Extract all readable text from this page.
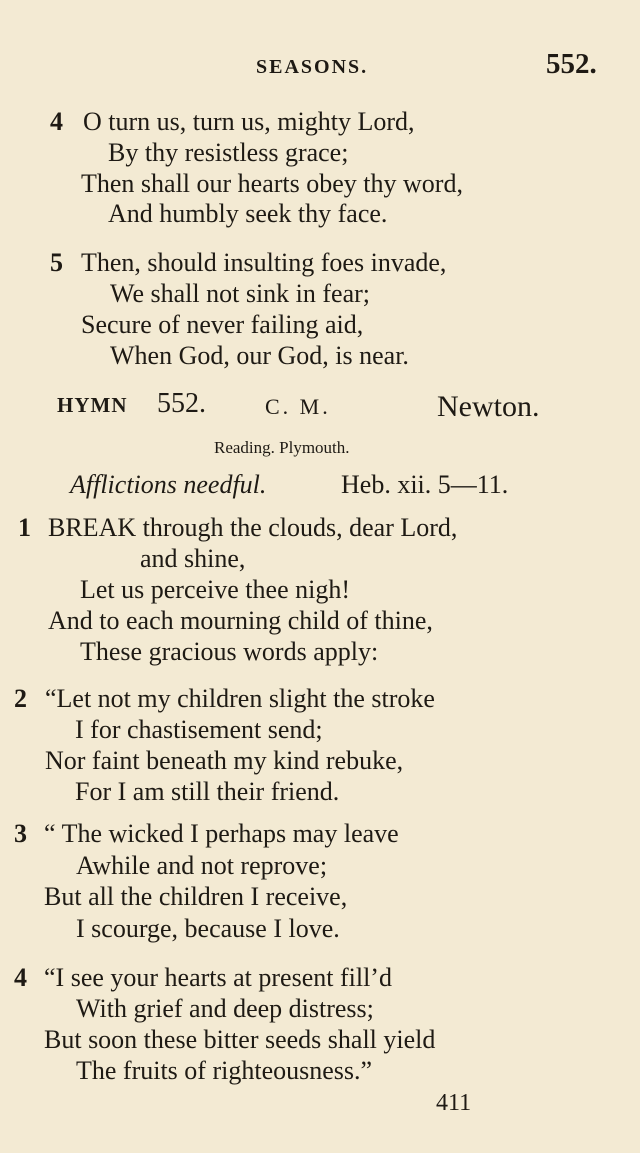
SEASONS.	552.
4 O turn us, turn us, mighty Lord,
By thy resistless grace;
Then shall our hearts obey thy word,
And humbly seek thy face.
5 Then, should insulting foes invade,
We shall not sink in fear;
Secure of never failing aid,
When God, our God, is near.
HYMN 552.	C. M.	Newton.
Reading. Plymouth.
Afflictions needful.	Heb. xii. 5—11.
1 BREAK through the clouds, dear Lord,
and shine,
Let us perceive thee nigh!
And to each mourning child of thine,
These gracious words apply:
2 “Let not my children slight the stroke
I for chastisement send;
Nor faint beneath my kind rebuke,
For I am still their friend.
3 “ The wicked I perhaps may leave
Awhile and not reprove;
But all the children I receive,
I scourge, because I love.
4 “I see your hearts at present fill’d
With grief and deep distress;
But soon these bitter seeds shall yield
The fruits of righteousness.”
411
